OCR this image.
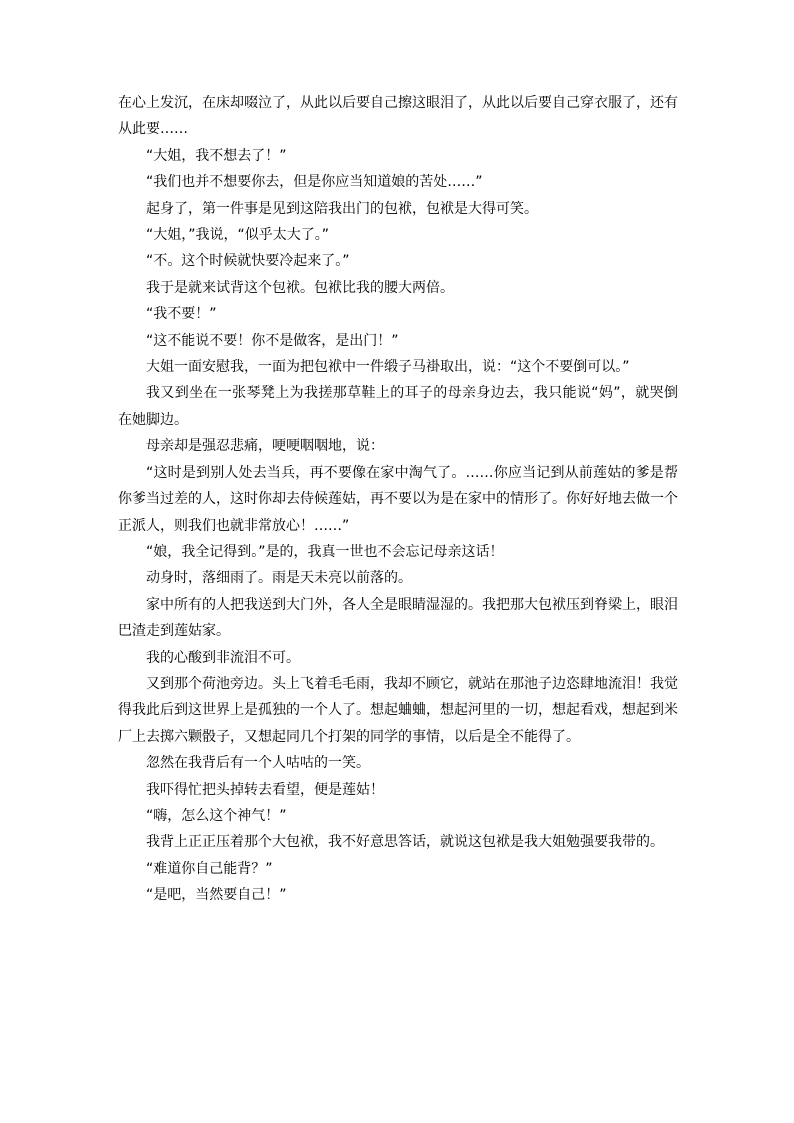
在心上发沉，在床却啜泣了，从此以后要自己擦这眼泪了，从此以后要自己穿衣服了，还有从此要……

“大姐，我不想去了！”

“我们也并不想要你去，但是你应当知道娘的苦处……”

起身了，第一件事是见到这陪我出门的包袱，包袱是大得可笑。

“大姐，”我说，“似乎太大了。”

“不。这个时候就快要冷起来了。”

我于是就来试背这个包袱。包袱比我的腰大两倍。

“我不要！”

“这不能说不要！你不是做客，是出门！”

大姐一面安慰我，一面为把包袱中一件缎子马褂取出，说：“这个不要倒可以。”

我又到坐在一张琴凳上为我搓那草鞋上的耳子的母亲身边去，我只能说“妈”，就哭倒在她脚边。

母亲却是强忍悲痛，哽哽咽咽地，说：

“这时是到别人处去当兵，再不要像在家中淘气了。……你应当记到从前莲姑的爹是帮你爹当过差的人，这时你却去侍候莲姑，再不要以为是在家中的情形了。你好好地去做一个正派人，则我们也就非常放心！……”

“娘，我全记得到。”是的，我真一世也不会忘记母亲这话！

动身时，落细雨了。雨是天未亮以前落的。

家中所有的人把我送到大门外，各人全是眼睛湿湿的。我把那大包袱压到脊梁上，眼泪巴渣走到莲姑家。

我的心酸到非流泪不可。

又到那个荷池旁边。头上飞着毛毛雨，我却不顾它，就站在那池子边恣肆地流泪！我觉得我此后到这世界上是孤独的一个人了。想起蛐蛐，想起河里的一切，想起看戏，想起到米厂上去掷六颗骰子，又想起同几个打架的同学的事情，以后是全不能得了。

忽然在我背后有一个人咕咕的一笑。

我吓得忙把头掉转去看望，便是莲姑！

“嗨，怎么这个神气！”

我背上正正压着那个大包袱，我不好意思答话，就说这包袱是我大姐勉强要我带的。

“难道你自己能背？”

“是吧，当然要自己！”
